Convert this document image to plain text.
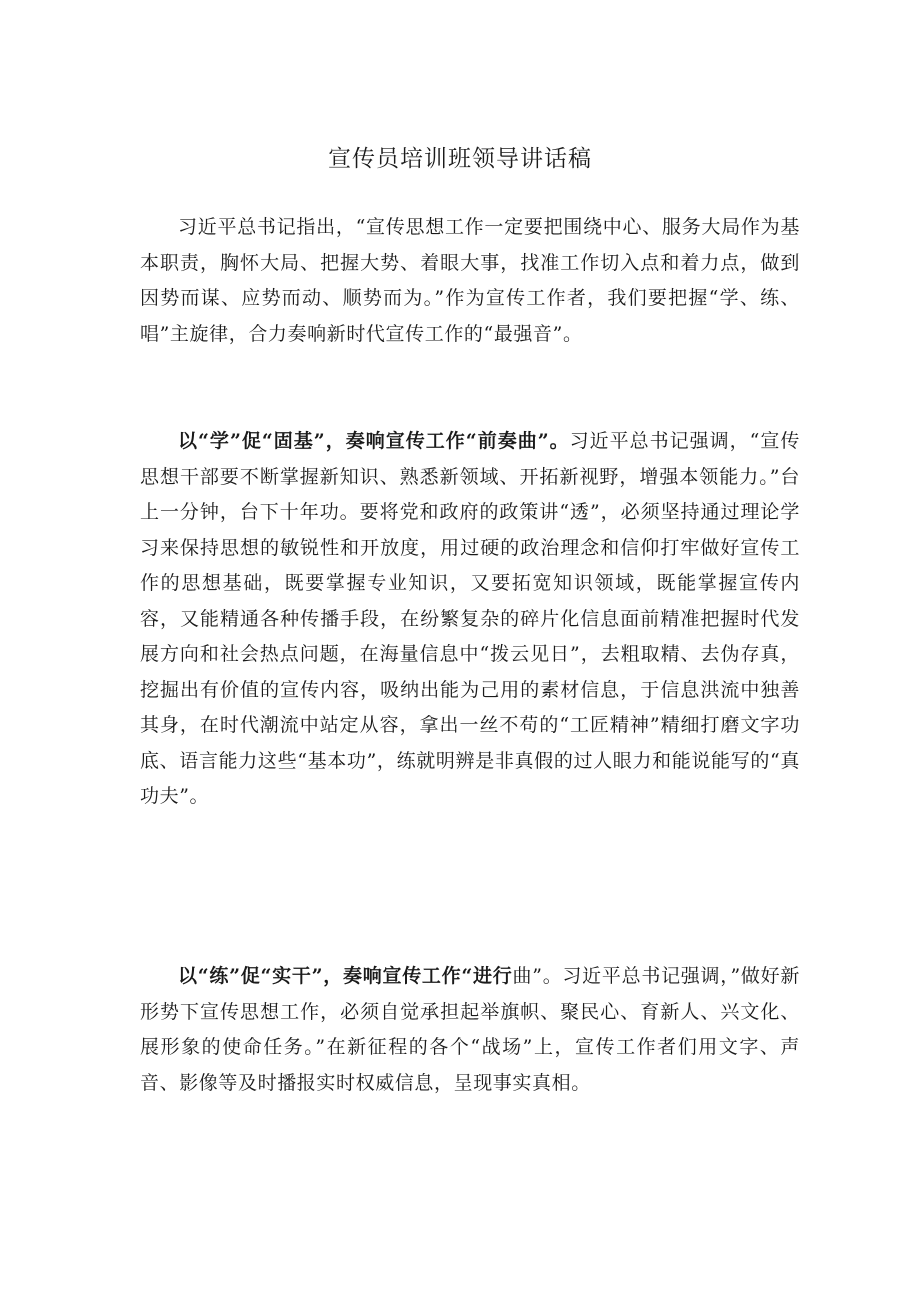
宣传员培训班领导讲话稿

习近平总书记指出，“宣传思想工作一定要把围绕中心、服务大局作为基本职责，胸怀大局、把握大势、着眼大事，找准工作切入点和着力点，做到因势而谋、应势而动、顺势而为。”作为宣传工作者，我们要把握“学、练、唱”主旋律，合力奏响新时代宣传工作的“最强音”。

以“学”促“固基”，奏响宣传工作“前奏曲”。习近平总书记强调，“宣传思想干部要不断掌握新知识、熟悉新领域、开拓新视野，增强本领能力。”台上一分钟，台下十年功。要将党和政府的政策讲“透”，必须坚持通过理论学习来保持思想的敏锐性和开放度，用过硬的政治理念和信仰打牢做好宣传工作的思想基础，既要掌握专业知识，又要拓宽知识领域，既能掌握宣传内容，又能精通各种传播手段，在纷繁复杂的碎片化信息面前精准把握时代发展方向和社会热点问题，在海量信息中“拨云见日”，去粗取精、去伪存真，挖掘出有价值的宣传内容，吸纳出能为己用的素材信息，于信息洪流中独善其身，在时代潮流中站定从容，拿出一丝不苟的“工匠精神”精细打磨文字功底、语言能力这些“基本功”，练就明辨是非真假的过人眼力和能说能写的“真功夫”。

以“练”促“实干”，奏响宣传工作“进行曲”。习近平总书记强调，”做好新形势下宣传思想工作，必须自觉承担起举旗帜、聚民心、育新人、兴文化、展形象的使命任务。”在新征程的各个“战场”上，宣传工作者们用文字、声音、影像等及时播报实时权威信息，呈现事实真相。
